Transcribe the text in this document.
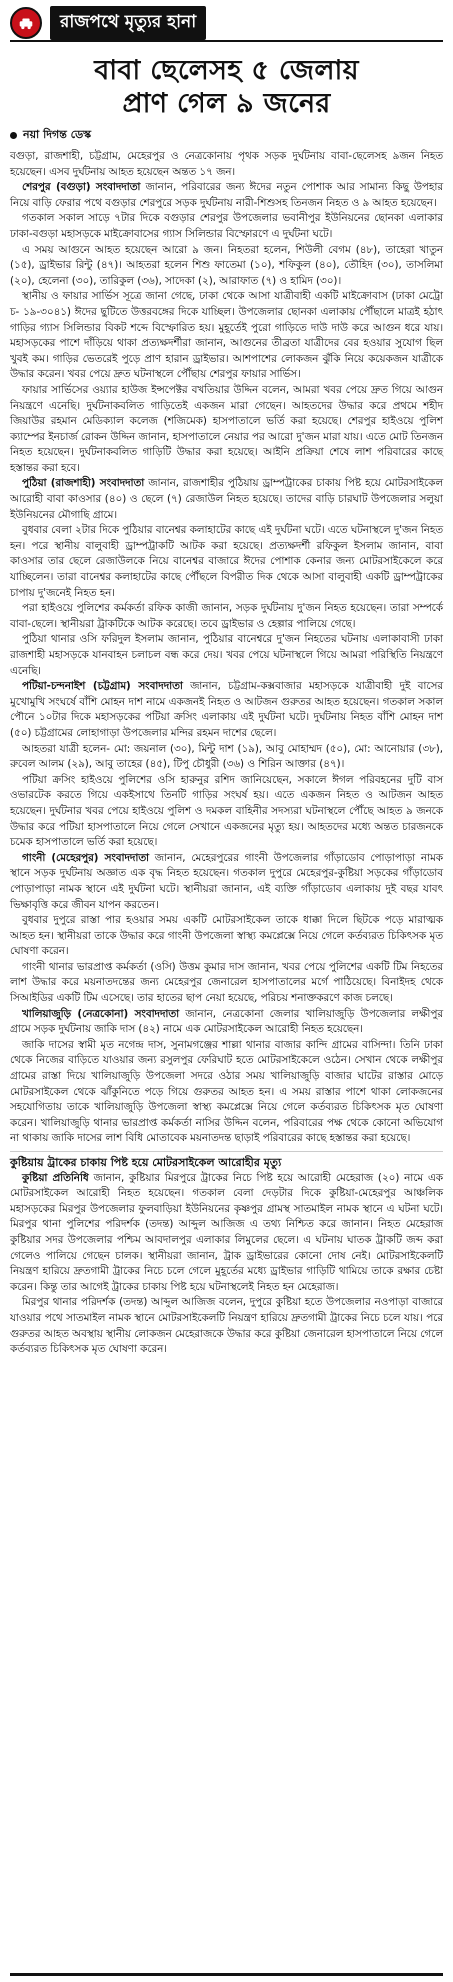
রাজপথে মৃত্যুর হানা
বাবা ছেলেসহ ৫ জেলায়
প্রাণ গেল ৯ জনের
নয়া দিগন্ত ডেস্ক

বগুড়া, রাজশাহী, চট্টগ্রাম, মেহেরপুর ও নেত্রকোনায় পৃথক সড়ক দুর্ঘটনায় বাবা-ছেলেসহ ৯জন নিহত হয়েছেন। এসব দুর্ঘটনায় আহত হয়েছেন অন্তত ১৭ জন।

শেরপুর (বগুড়া) সংবাদদাতা জানান, পরিবারের জন্য ঈদের নতুন পোশাক আর সামান্য কিছু উপহার নিয়ে বাড়ি ফেরার পথে বগুড়ার শেরপুরে সড়ক দুর্ঘটনায় নারী-শিশুসহ তিনজন নিহত ও ৯ আহত হয়েছেন।

গতকাল সকাল সাড়ে ৭টার দিকে বগুড়ার শেরপুর উপজেলার ভবানীপুর ইউনিয়নের ছোনকা এলাকার ঢাকা-বগুড়া মহাসড়কে মাইক্রোবাসের গ্যাস সিলিন্ডার বিস্ফোরণে এ দুর্ঘটনা ঘটে।

এ সময় আগুনে আহত হয়েছেন আরো ৯ জন। নিহতরা হলেন, শিউলী বেগম (৪৮), তাহেরা খাতুন (১৫), ড্রাইভার রিন্টু (৪৭)। আহতরা হলেন শিশু ফাতেমা (১০), শফিকুল (৪০), তৌহিদ (৩০), তাসলিমা (২০), হেলেনা (৩০), তারিকুল (৩৬), সাদেকা (২), আরাফাত (৭) ও হামিদ (৩০)।

স্থানীয় ও ফায়ার সার্ভিস সূত্রে জানা গেছে, ঢাকা থেকে আসা যাত্রীবাহী একটি মাইক্রোবাস (ঢাকা মেট্রো চ- ১৯-৩০৪১) ঈদের ছুটিতে উত্তরবঙ্গের দিকে যাচ্ছিল। উপজেলার ছোনকা এলাকায় পৌঁছালে মাত্রই হঠাৎ গাড়ির গ্যাস সিলিন্ডার বিকট শব্দে বিস্ফোরিত হয়। মুহূর্তেই পুরো গাড়িতে দাউ দাউ করে আগুন ধরে যায়। মহাসড়কের পাশে দাঁড়িয়ে থাকা প্রত্যক্ষদর্শীরা জানান, আগুনের তীব্রতা যাত্রীদের বের হওয়ার সুযোগ ছিল খুবই কম। গাড়ির ভেতরেই পুড়ে প্রাণ হারান ড্রাইভার। আশপাশের লোকজন ঝুঁকি নিয়ে কয়েকজন যাত্রীকে উদ্ধার করেন। খবর পেয়ে দ্রুত ঘটনাস্থলে পৌঁছায় শেরপুর ফায়ার সার্ভিস।

ফায়ার সার্ভিসের ওয়্যার হাউজ ইন্সপেক্টর বখতিয়ার উদ্দিন বলেন, আমরা খবর পেয়ে দ্রুত গিয়ে আগুন নিয়ন্ত্রণে এনেছি। দুর্ঘটনাকবলিত গাড়িতেই একজন মারা গেছেন। আহতদের উদ্ধার করে প্রথমে শহীদ জিয়াউর রহমান মেডিক্যাল কলেজ (শজিমেক) হাসপাতালে ভর্তি করা হয়েছে। শেরপুর হাইওয়ে পুলিশ ক্যাম্পের ইনচার্জ রোকন উদ্দিন জানান, হাসপাতালে নেয়ার পর আরো দু'জন মারা যায়। এতে মোট তিনজন নিহত হয়েছেন। দুর্ঘটনাকবলিত গাড়িটি উদ্ধার করা হয়েছে। আইনি প্রক্রিয়া শেষে লাশ পরিবারের কাছে হস্তান্তর করা হবে।

পুঠিয়া (রাজশাহী) সংবাদদাতা জানান, রাজশাহীর পুঠিয়ায় ড্রাম্পট্রাকের চাকায় পিষ্ট হয়ে মোটরসাইকেল আরোহী বাবা কাওসার (৪০) ও ছেলে (৭) রেজাউল নিহত হয়েছে। তাদের বাড়ি চারঘাট উপজেলার সলুয়া ইউনিয়নের মৌগাছি গ্রামে।

বুধবার বেলা ২টার দিকে পুঠিয়ার বানেশ্বর কলাহাটের কাছে এই দুর্ঘটনা ঘটে। এতে ঘটনাস্থলে দু'জন নিহত হন। পরে স্থানীয় বালুবাহী ড্রাম্পট্রাকটি আটক করা হয়েছে। প্রত্যক্ষদর্শী রফিকুল ইসলাম জানান, বাবা কাওসার তার ছেলে রেজাউলকে নিয়ে বানেশ্বর বাজারে ঈদের পোশাক কেনার জন্য মোটরসাইকেলে করে যাচ্ছিলেন। তারা বানেশ্বর কলাহাটের কাছে পৌঁছলে বিপরীত দিক থেকে আসা বালুবাহী একটি ড্রাম্পট্রাকের চাপায় দু'জনেই নিহত হন।

পরা হাইওয়ে পুলিশের কর্মকর্তা রফিক কাজী জানান, সড়ক দুর্ঘটনায় দু'জন নিহত হয়েছেন। তারা সম্পর্কে বাবা-ছেলে। স্থানীয়রা ট্রাকটিকে আটক করেছে। তবে ড্রাইভার ও হেল্পার পালিয়ে গেছে।

পুঠিয়া থানার ওসি ফরিদুল ইসলাম জানান, পুঠিয়ার বানেশ্বরে দু'জন নিহতের ঘটনায় এলাকাবাসী ঢাকা রাজশাহী মহাসড়কে যানবাহন চলাচল বন্ধ করে দেয়। খবর পেয়ে ঘটনাস্থলে গিয়ে আমরা পরিস্থিতি নিয়ন্ত্রণে এনেছি।

পটিয়া-চন্দনাইশ (চট্টগ্রাম) সংবাদদাতা জানান, চট্টগ্রাম-কক্সবাজার মহাসড়কে যাত্রীবাহী দুই বাসের মুখোমুখি সংঘর্ষে বাঁশি মোহন দাশ নামে একজনই নিহত ও আটজন গুরুতর আহত হয়েছেন। গতকাল সকাল পৌনে ১০টার দিকে মহাসড়কের পটিয়া ক্রসিং এলাকায় এই দুর্ঘটনা ঘটে। দুর্ঘটনায় নিহত বাঁশি মোহন দাশ (৫০) চট্টগ্রামের লোহাগাড়া উপজেলার মন্দির রহমন দাশের ছেলে।

আহতরা যাত্রী হলেন- মো: জয়নাল (৩০), মিন্টু দাশ (১৯), আবু মোহাম্মদ (৫০), মো: আনোয়ার (৩৮), রুবেল আলম (২৯), আবু তাহের (৪৫), টিপু চৌধুরী (৩৬) ও শিরিন আক্তার (৪৭)।

পটিয়া ক্রসিং হাইওয়ে পুলিশের ওসি হারুনুর রশিদ জানিয়েছেন, সকালে ঈগল পরিবহনের দুটি বাস ওভারটেক করতে গিয়ে একইসাথে তিনটি গাড়ির সংঘর্ষ হয়। এতে একজন নিহত ও আটজন আহত হয়েছেন। দুর্ঘটনার খবর পেয়ে হাইওয়ে পুলিশ ও দমকল বাহিনীর সদস্যরা ঘটনাস্থলে পৌঁছে আহত ৯ জনকে উদ্ধার করে পটিয়া হাসপাতালে নিয়ে গেলে সেখানে একজনের মৃত্যু হয়। আহতদের মধ্যে অন্তত চারজনকে চমেক হাসপাতালে ভর্তি করা হয়েছে।

গাংনী (মেহেরপুর) সংবাদদাতা জানান, মেহেরপুরের গাংনী উপজেলার গাঁড়াডোব পোড়াপাড়া নামক স্থানে সড়ক দুর্ঘটনায় অজ্ঞাত এক বৃদ্ধ নিহত হয়েছেন। গতকাল দুপুরে মেহেরপুর-কুষ্টিয়া সড়কের গাঁড়াডোব পোড়াপাড়া নামক স্থানে এই দুর্ঘটনা ঘটে। স্থানীয়রা জানান, এই ব্যক্তি গাঁড়াডোব এলাকায় দুই বছর যাবৎ ভিক্ষাবৃত্তি করে জীবন যাপন করতেন।

বুধবার দুপুরে রাস্তা পার হওয়ার সময় একটি মোটরসাইকেল তাকে ধাক্কা দিলে ছিটকে পড়ে মারাত্মক আহত হন। স্থানীয়রা তাকে উদ্ধার করে গাংনী উপজেলা স্বাস্থ্য কমপ্লেক্সে নিয়ে গেলে কর্তব্যরত চিকিৎসক মৃত ঘোষণা করেন।

গাংনী থানার ভারপ্রাপ্ত কর্মকর্তা (ওসি) উত্তম কুমার দাস জানান, খবর পেয়ে পুলিশের একটি টিম নিহতের লাশ উদ্ধার করে ময়নাতদন্তের জন্য মেহেরপুর জেনারেল হাসপাতালের মর্গে পাঠিয়েছে। বিনাইদহ থেকে সিআইডির একটি টিম এসেছে। তার হাতের ছাপ নেয়া হয়েছে, পরিচয় শনাক্তকরণে কাজ চলছে।

খালিয়াজুড়ি (নেত্রকোনা) সংবাদদাতা জানান, নেত্রকোনা জেলার খালিয়াজুড়ি উপজেলার লক্ষীপুর গ্রামে সড়ক দুর্ঘটনায় জাকি দাস (৪২) নামে এক মোটরসাইকেল আরোহী নিহত হয়েছেন।

জাকি দাসের স্বামী মৃত নগেন্দ্র দাস, সুনামগঞ্জের শাল্লা থানার বাজার কান্দি গ্রামের বাসিন্দা। তিনি ঢাকা থেকে নিজের বাড়িতে যাওয়ার জন্য রসুলপুর ফেরিঘাট হতে মোটরসাইকেলে ওঠেন। সেখান থেকে লক্ষীপুর গ্রামের রাস্তা দিয়ে খালিয়াজুড়ি উপজেলা সদরে ওঠার সময় খালিয়াজুড়ি বাজার ঘাটের রাস্তার মোড়ে মোটরসাইকেল থেকে ঝাঁকুনিতে পড়ে গিয়ে গুরুতর আহত হন। এ সময় রাস্তার পাশে থাকা লোকজনের সহযোগিতায় তাকে খালিয়াজুড়ি উপজেলা স্বাস্থ্য কমপ্লেক্সে নিয়ে গেলে কর্তব্যরত চিকিৎসক মৃত ঘোষণা করেন। খালিয়াজুড়ি থানার ভারপ্রাপ্ত কর্মকর্তা নাসির উদ্দিন বলেন, পরিবারের পক্ষ থেকে কোনো অভিযোগ না থাকায় জাকি দাসের লাশ বিধি মোতাবেক ময়নাতদন্ত ছাড়াই পরিবারের কাছে হস্তান্তর করা হয়েছে।

কুষ্টিয়ায় ট্রাকের চাকায় পিষ্ট হয়ে মোটরসাইকেল আরোহীর মৃত্যু

কুষ্টিয়া প্রতিনিধি জানান, কুষ্টিয়ার মিরপুরে ট্রাকের নিচে পিষ্ট হয়ে আরোহী মেহেরাজ (২০) নামে এক মোটরসাইকেল আরোহী নিহত হয়েছেন। গতকাল বেলা দেড়টার দিকে কুষ্টিয়া-মেহেরপুর আঞ্চলিক মহাসড়কের মিরপুর উপজেলার ফুলবাড়িয়া ইউনিয়নের কৃষ্ণপুর গ্রামস্থ সাতমাইল নামক স্থানে এ ঘটনা ঘটে। মিরপুর থানা পুলিশের পরিদর্শক (তদন্ত) আব্দুল আজিজ এ তথ্য নিশ্চিত করে জানান। নিহত মেহেরাজ কুষ্টিয়ার সদর উপজেলার পশ্চিম আবদালপুর এলাকার লিমুলের ছেলে। এ ঘটনায় ঘাতক ট্রাকটি জব্দ করা গেলেও পালিয়ে গেছেন চালক। স্থানীয়রা জানান, ট্রাক ড্রাইভারের কোনো দোষ নেই। মোটরসাইকেলটি নিয়ন্ত্রণ হারিয়ে দ্রুতগামী ট্রাকের নিচে চলে গেলে মুহূর্তের মধ্যে ড্রাইভার গাড়িটি থামিয়ে তাকে রক্ষার চেষ্টা করেন। কিন্তু তার আগেই ট্রাকের চাকায় পিষ্ট হয়ে ঘটনাস্থলেই নিহত হন মেহেরাজ।

মিরপুর থানার পরিদর্শক (তদন্ত) আব্দুল আজিজ বলেন, দুপুরে কুষ্টিয়া হতে উপজেলার নওপাড়া বাজারে যাওয়ার পথে সাতমাইল নামক স্থানে মোটরসাইকেলটি নিয়ন্ত্রণ হারিয়ে দ্রুতগামী ট্রাকের নিচে চলে যায়। পরে গুরুতর আহত অবস্থায় স্থানীয় লোকজন মেহেরাজকে উদ্ধার করে কুষ্টিয়া জেনারেল হাসপাতালে নিয়ে গেলে কর্তব্যরত চিকিৎসক মৃত ঘোষণা করেন।
